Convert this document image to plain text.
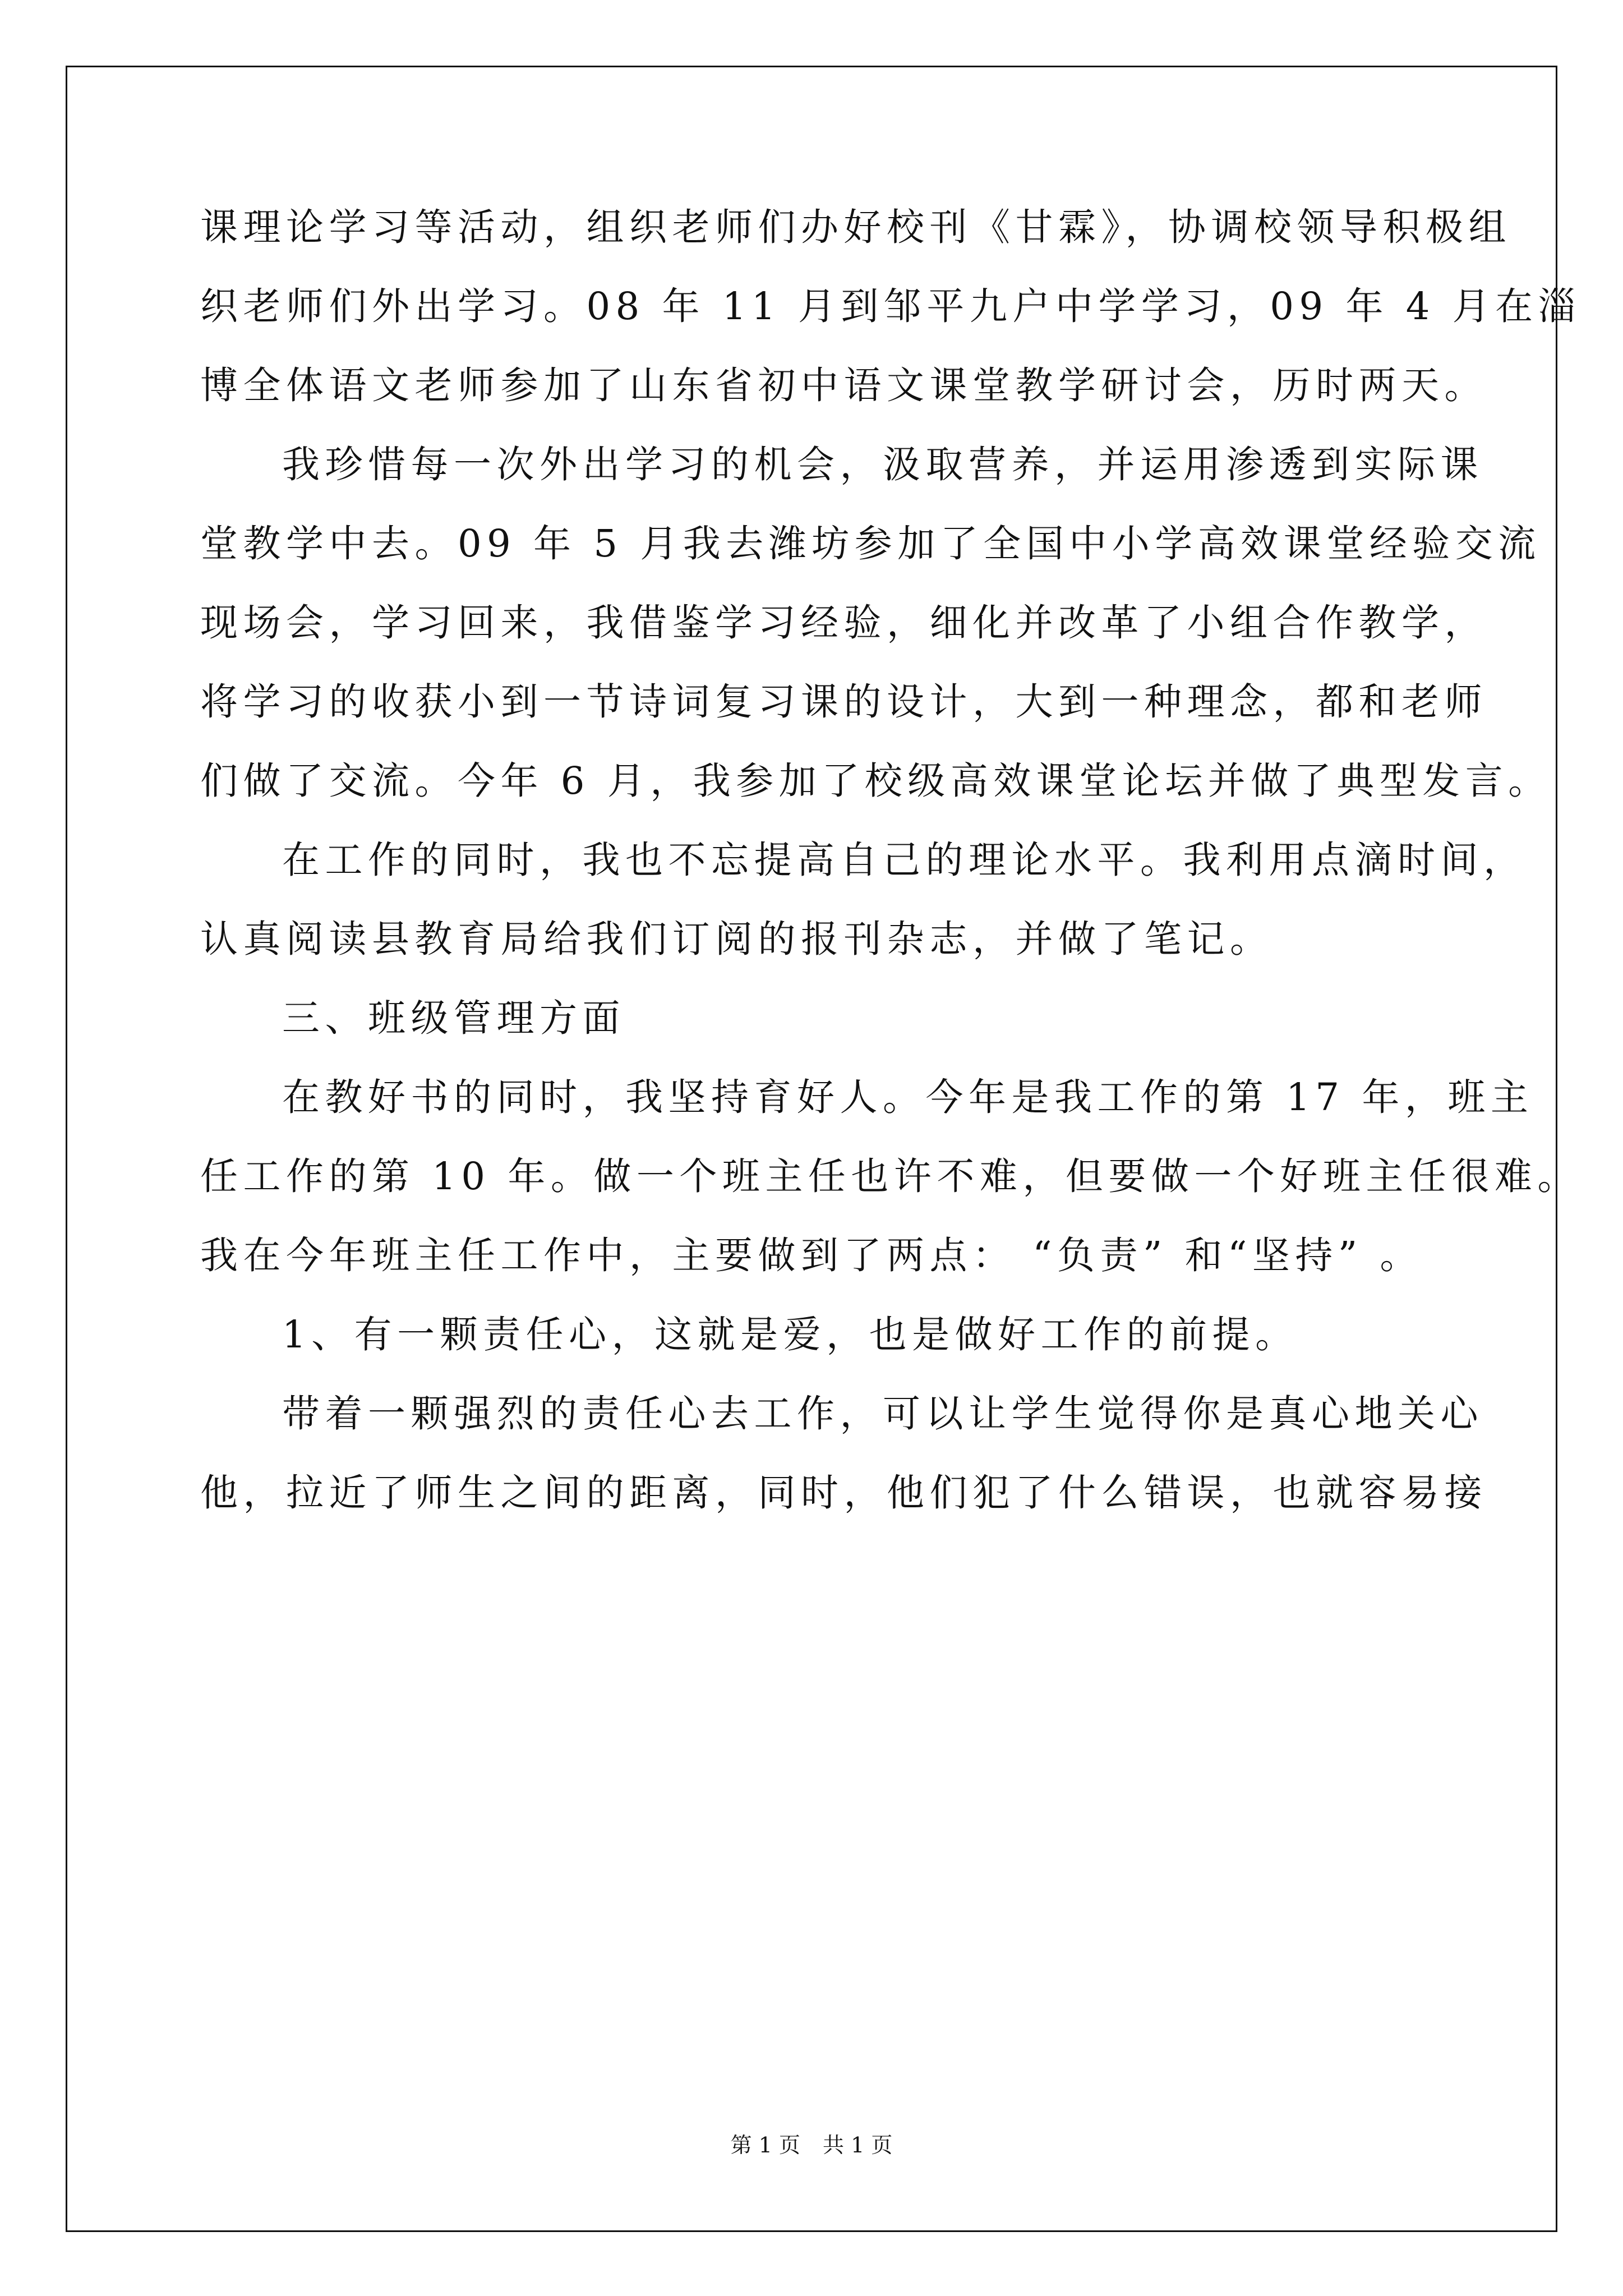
课理论学习等活动，组织老师们办好校刊《甘霖》，协调校领导积极组

织老师们外出学习。08 年 11 月到邹平九户中学学习，09 年 4 月在淄

博全体语文老师参加了山东省初中语文课堂教学研讨会，历时两天。

我珍惜每一次外出学习的机会，汲取营养，并运用渗透到实际课

堂教学中去。09 年 5 月我去潍坊参加了全国中小学高效课堂经验交流

现场会，学习回来，我借鉴学习经验，细化并改革了小组合作教学，

将学习的收获小到一节诗词复习课的设计，大到一种理念，都和老师

们做了交流。今年 6 月，我参加了校级高效课堂论坛并做了典型发言。

在工作的同时，我也不忘提高自己的理论水平。我利用点滴时间，

认真阅读县教育局给我们订阅的报刊杂志，并做了笔记。

三、班级管理方面

在教好书的同时，我坚持育好人。今年是我工作的第 17 年，班主

任工作的第 10 年。做一个班主任也许不难，但要做一个好班主任很难。

我在今年班主任工作中，主要做到了两点： “负责” 和“坚持” 。

1、有一颗责任心，这就是爱，也是做好工作的前提。

带着一颗强烈的责任心去工作，可以让学生觉得你是真心地关心

他，拉近了师生之间的距离，同时，他们犯了什么错误，也就容易接

第 1 页 共 1 页
